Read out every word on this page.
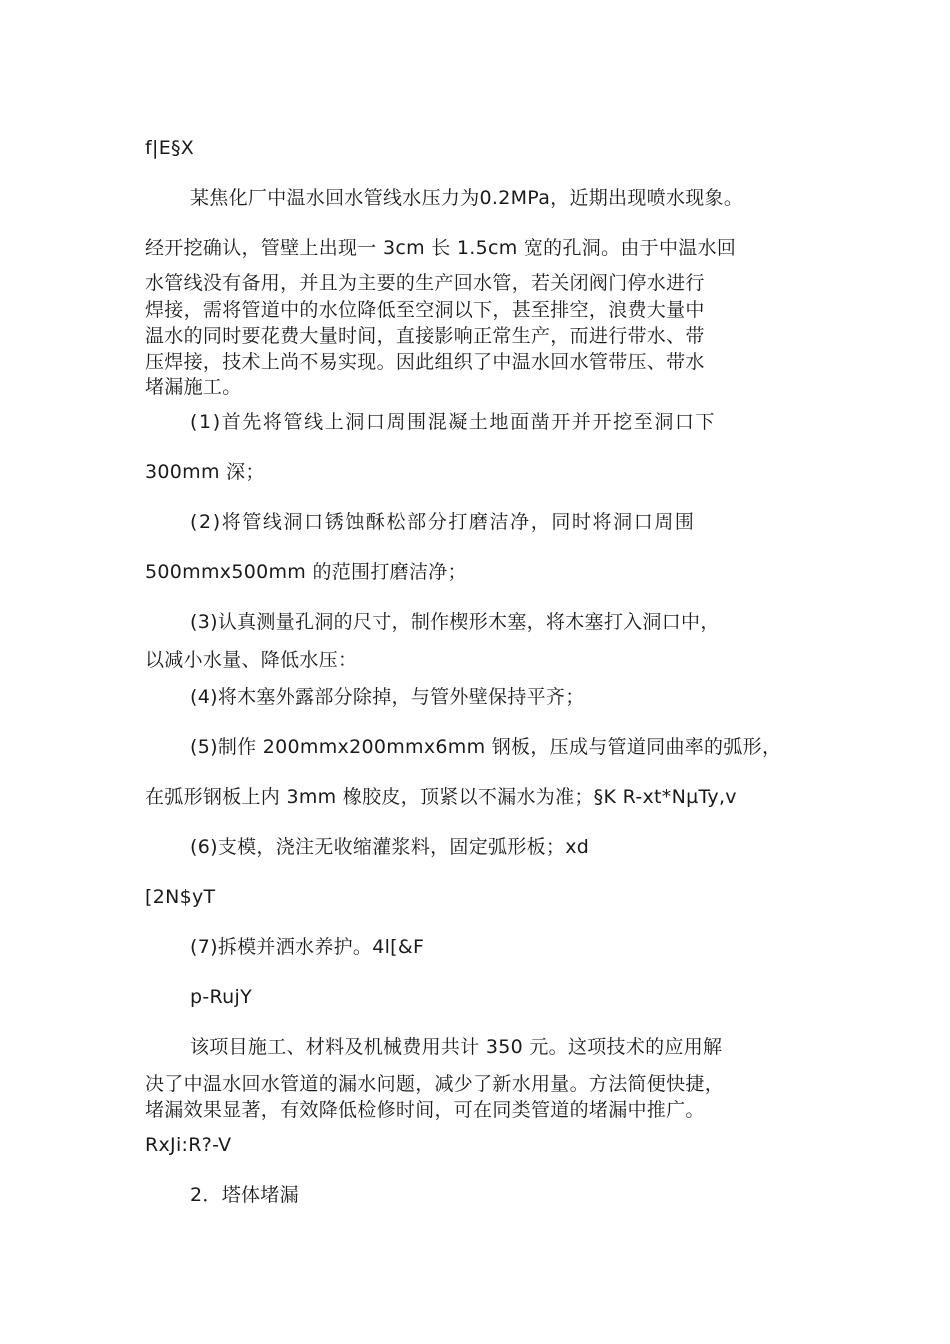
f|E§X

某焦化厂中温水回水管线水压力为0.2MPa，近期出现喷水现象。

经开挖确认，管壁上出现一 3cm 长 1.5cm 宽的孔洞。由于中温水回

水管线没有备用，并且为主要的生产回水管，若关闭阀门停水进行

焊接，需将管道中的水位降低至空洞以下，甚至排空，浪费大量中

温水的同时要花费大量时间，直接影响正常生产，而进行带水、带

压焊接，技术上尚不易实现。因此组织了中温水回水管带压、带水

堵漏施工。

(1)首先将管线上洞口周围混凝土地面凿开并开挖至洞口下

300mm 深；

(2)将管线洞口锈蚀酥松部分打磨洁净，同时将洞口周围

500mmx500mm 的范围打磨洁净；

(3)认真测量孔洞的尺寸，制作楔形木塞，将木塞打入洞口中，

以减小水量、降低水压：

(4)将木塞外露部分除掉，与管外壁保持平齐；

(5)制作 200mmx200mmx6mm 钢板，压成与管道同曲率的弧形，

在弧形钢板上内 3mm 橡胶皮，顶紧以不漏水为准；§K R-xt*NµTy,v

(6)支模，浇注无收缩灌浆料，固定弧形板；xd

[2N$yT

(7)拆模并洒水养护。4l[&F

p-RujY

该项目施工、材料及机械费用共计 350 元。这项技术的应用解

决了中温水回水管道的漏水问题，减少了新水用量。方法简便快捷，

堵漏效果显著，有效降低检修时间，可在同类管道的堵漏中推广。

RxJi:R?-V

2．塔体堵漏
